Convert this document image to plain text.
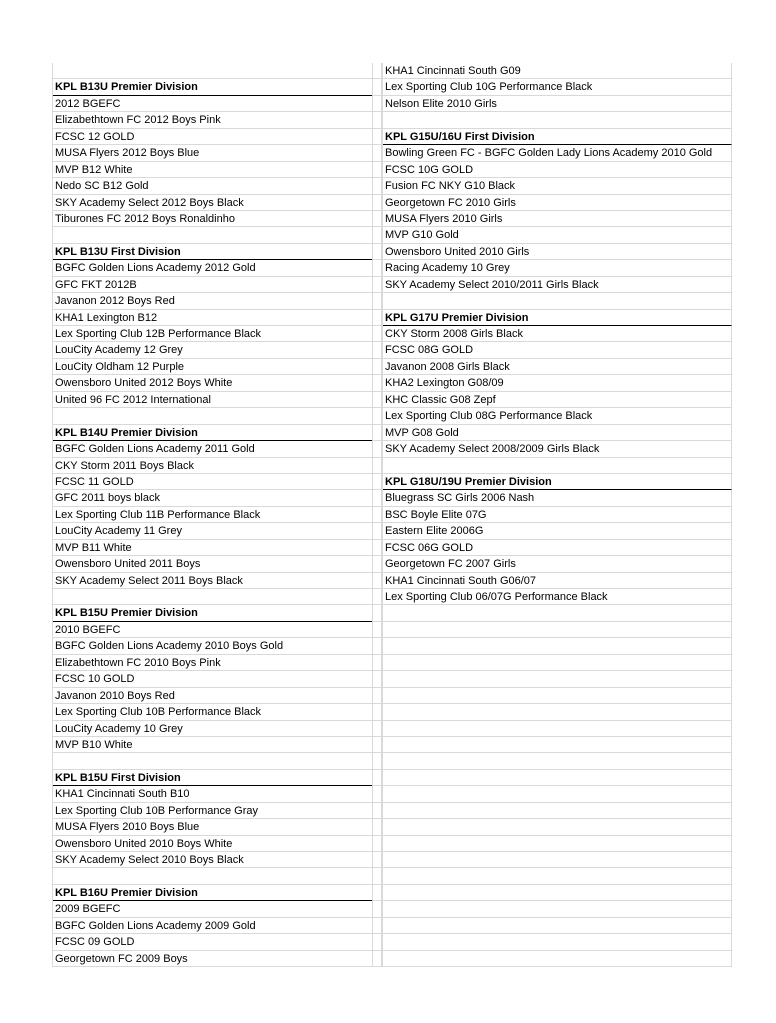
KPL B13U Premier Division
2012 BGEFC
Elizabethtown FC 2012 Boys Pink
FCSC 12 GOLD
MUSA Flyers 2012 Boys Blue
MVP B12 White
Nedo SC B12 Gold
SKY Academy Select 2012 Boys Black
Tiburones FC 2012 Boys Ronaldinho
KPL B13U First Division
BGFC Golden Lions Academy 2012 Gold
GFC FKT 2012B
Javanon 2012 Boys Red
KHA1 Lexington B12
Lex Sporting Club 12B Performance Black
LouCity Academy 12 Grey
LouCity Oldham 12 Purple
Owensboro United 2012 Boys White
United 96 FC 2012 International
KPL B14U Premier Division
BGFC Golden Lions Academy 2011 Gold
CKY Storm 2011 Boys Black
FCSC 11 GOLD
GFC 2011 boys black
Lex Sporting Club 11B Performance Black
LouCity Academy 11 Grey
MVP B11 White
Owensboro United 2011 Boys
SKY Academy Select 2011 Boys Black
KPL B15U Premier Division
2010 BGEFC
BGFC Golden Lions Academy 2010 Boys Gold
Elizabethtown FC 2010 Boys Pink
FCSC 10 GOLD
Javanon 2010 Boys Red
Lex Sporting Club 10B Performance Black
LouCity Academy 10 Grey
MVP B10 White
KPL B15U First Division
KHA1 Cincinnati South B10
Lex Sporting Club 10B Performance Gray
MUSA Flyers 2010 Boys Blue
Owensboro United 2010 Boys White
SKY Academy Select 2010 Boys Black
KPL B16U Premier Division
2009 BGEFC
BGFC Golden Lions Academy 2009 Gold
FCSC 09 GOLD
Georgetown FC 2009 Boys
KHA1 Cincinnati South G09
Lex Sporting Club 10G Performance Black
Nelson Elite 2010 Girls
KPL G15U/16U First Division
Bowling Green FC - BGFC Golden Lady Lions Academy 2010 Gold
FCSC 10G GOLD
Fusion FC NKY G10 Black
Georgetown FC 2010 Girls
MUSA Flyers 2010 Girls
MVP G10 Gold
Owensboro United 2010 Girls
Racing Academy 10 Grey
SKY Academy Select 2010/2011 Girls Black
KPL G17U Premier Division
CKY Storm 2008 Girls Black
FCSC 08G GOLD
Javanon 2008 Girls Black
KHA2 Lexington G08/09
KHC Classic G08 Zepf
Lex Sporting Club 08G Performance Black
MVP G08 Gold
SKY Academy Select 2008/2009 Girls Black
KPL G18U/19U Premier Division
Bluegrass SC Girls 2006 Nash
BSC Boyle Elite 07G
Eastern Elite 2006G
FCSC 06G GOLD
Georgetown FC 2007 Girls
KHA1 Cincinnati South G06/07
Lex Sporting Club 06/07G Performance Black
